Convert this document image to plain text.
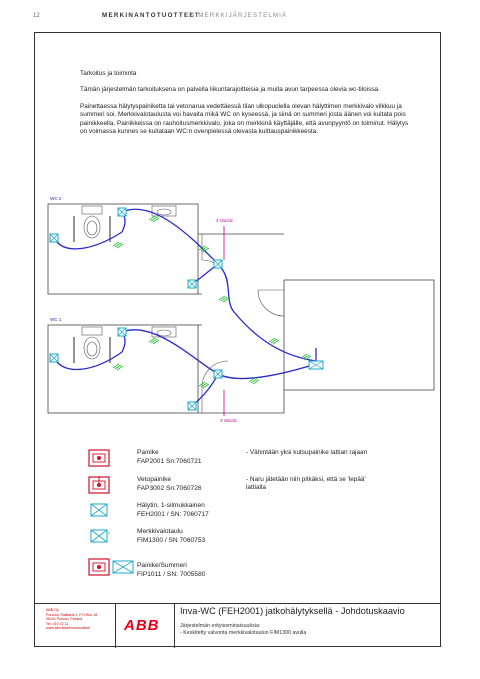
12	MERKINANTOTUOTTEET
ESIMERKKIJÄRJESTELMIÄ
Tarkoitus ja toiminta
Tämän järjestelmän tarkoituksena on palvella liikuntarajoitteisia ja muita avun tarpeessa olevia wc-tiloissa.
Painettaessa hälytyspainiketta tai vetonarua vedettäessä tilan ulkopuolella olevan hälyttimen merkkivalo vilkkuu ja summeri soi. Merkkivalotaulusta voi havaita mikä WC on kyseessä, ja siinä on summeri josta äänen voi kuitata pois painikkeella. Painikkeissa on rauhoitusmerkkivalo, joka on merkkinä käyttäjälle, että avunpyyntö on toiminut. Hälytys on voimassa kunnes se kuitataan WC:n ovenpielessä olevasta kuittauspainikkeesta.
3 Vac/dc
3 Vac/dc
WC 2
WC 1
Painike
FAP2001 Sn:7060721
- Vähintään yksi kutsupainike lattian rajaan
Vetopainike
FAP3002 Sn:7060726
- Naru jätetään niin pitkäksi, että se 'lepää'
lattialla
Hälytin, 1-silmukkainen
FEH2001 / SN: 7060717
n	Merkkivalotaulu
FIM1300 / SN 7060753
Painike/Summeri
FIP1011 / SN: 7005580
ABB Oy
Porvoon Sisätanä 2, P.O.Box 18
06101 Porvoo, Finland
Tel. 010 22 11
www.abb.fi/asennustuotteet	ABB
Inva-WC (FEH2001) jatkohälytyksellä - Johdotuskaavio
Järjestelmän erityisominaisuuksia:
- Keskitetty valvonta merkkivalotaulun FIM1300 avulla
